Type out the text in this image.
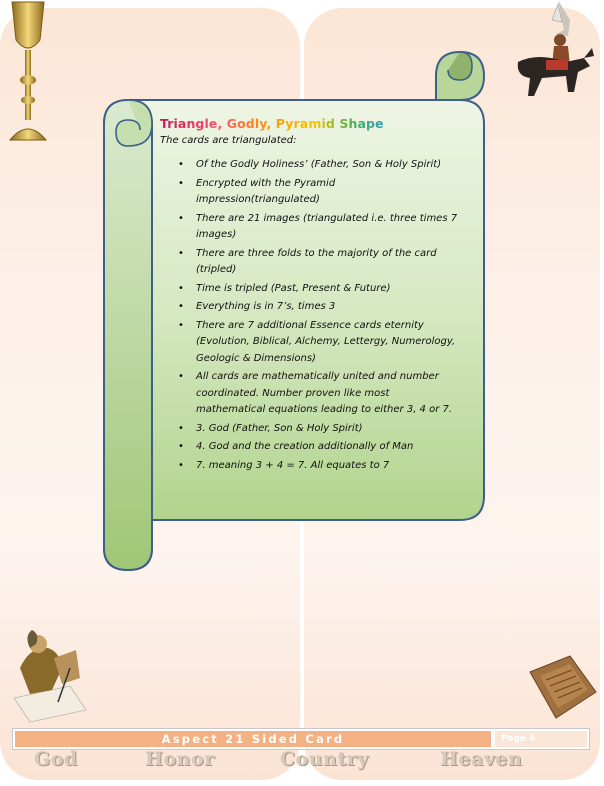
Triangle, Godly, Pyramid Shape
The cards are triangulated:
• Of the Godly Holiness’ (Father, Son & Holy Spirit)
• Encrypted with the Pyramid impression(triangulated)
• There are 21 images (triangulated i.e. three times 7 images)
• There are three folds to the majority of the card (tripled)
• Time is tripled (Past, Present & Future)
• Everything is in 7’s, times 3
• There are 7 additional Essence cards eternity (Evolution, Biblical, Alchemy, Lettergy, Numerology, Geologic & Dimensions)
• All cards are mathematically united and number coordinated. Number proven like most mathematical equations leading to either 3, 4 or 7.
• 3. God (Father, Son & Holy Spirit)
• 4. God and the creation additionally of Man
• 7. meaning 3 + 4 = 7. All equates to 7
Aspect 21 Sided Card	Page 4
God	Honor	Country	Heaven
